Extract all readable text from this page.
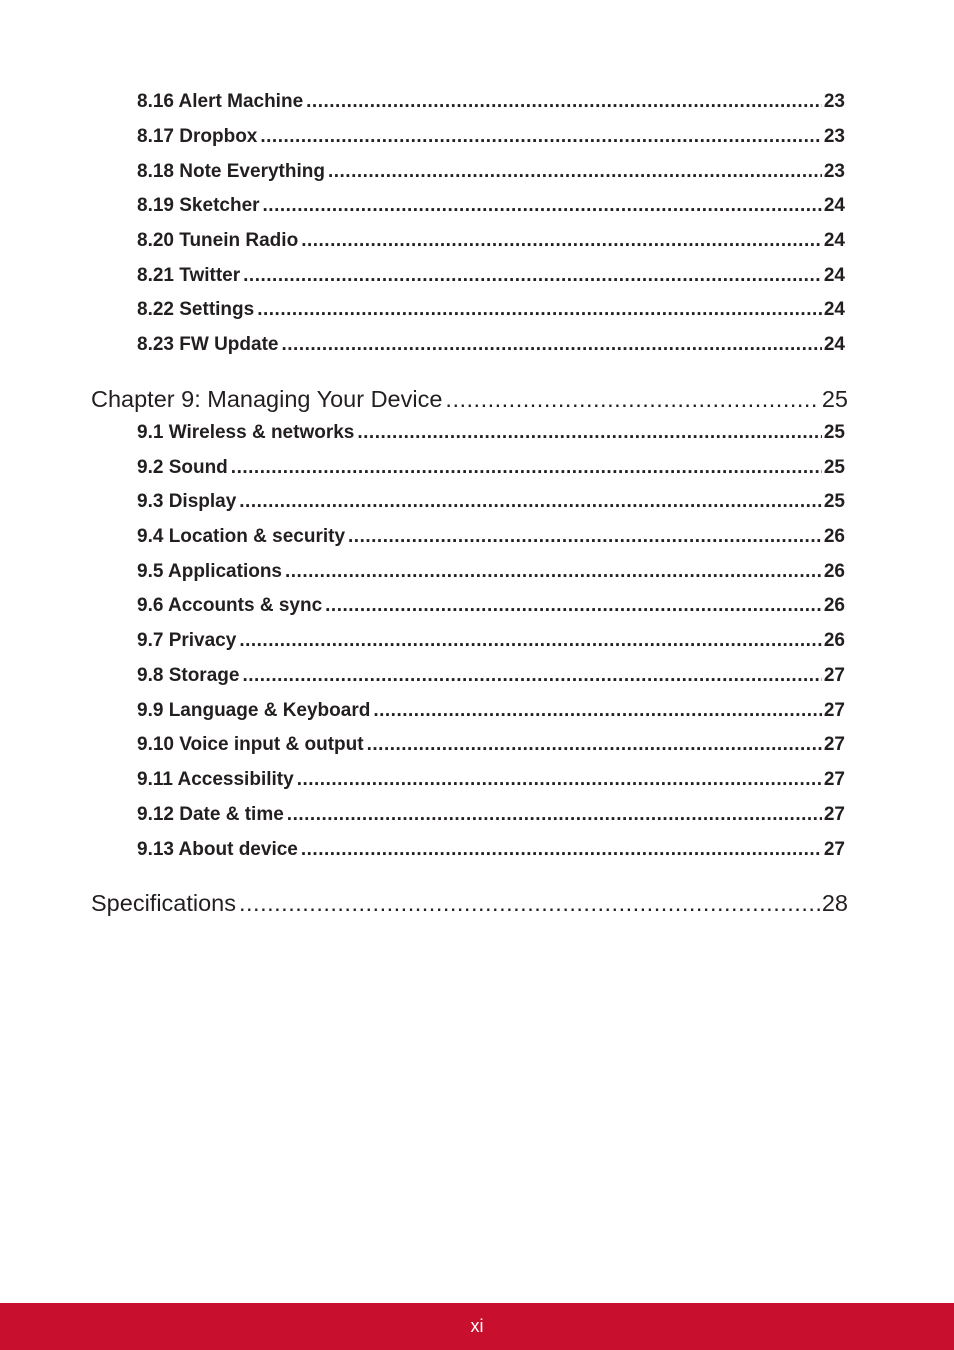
8.16 Alert Machine .....	23
8.17 Dropbox .....	23
8.18 Note Everything .....	23
8.19 Sketcher .....	24
8.20 Tunein Radio .....	24
8.21 Twitter .....	24
8.22 Settings .....	24
8.23 FW Update .....	24
Chapter 9: Managing Your Device .....	25
9.1 Wireless & networks .....	25
9.2 Sound .....	25
9.3 Display .....	25
9.4 Location & security .....	26
9.5 Applications .....	26
9.6 Accounts & sync .....	26
9.7 Privacy .....	26
9.8 Storage .....	27
9.9 Language & Keyboard .....	27
9.10 Voice input & output .....	27
9.11 Accessibility .....	27
9.12 Date & time .....	27
9.13 About device .....	27
Specifications .....	28
xi
